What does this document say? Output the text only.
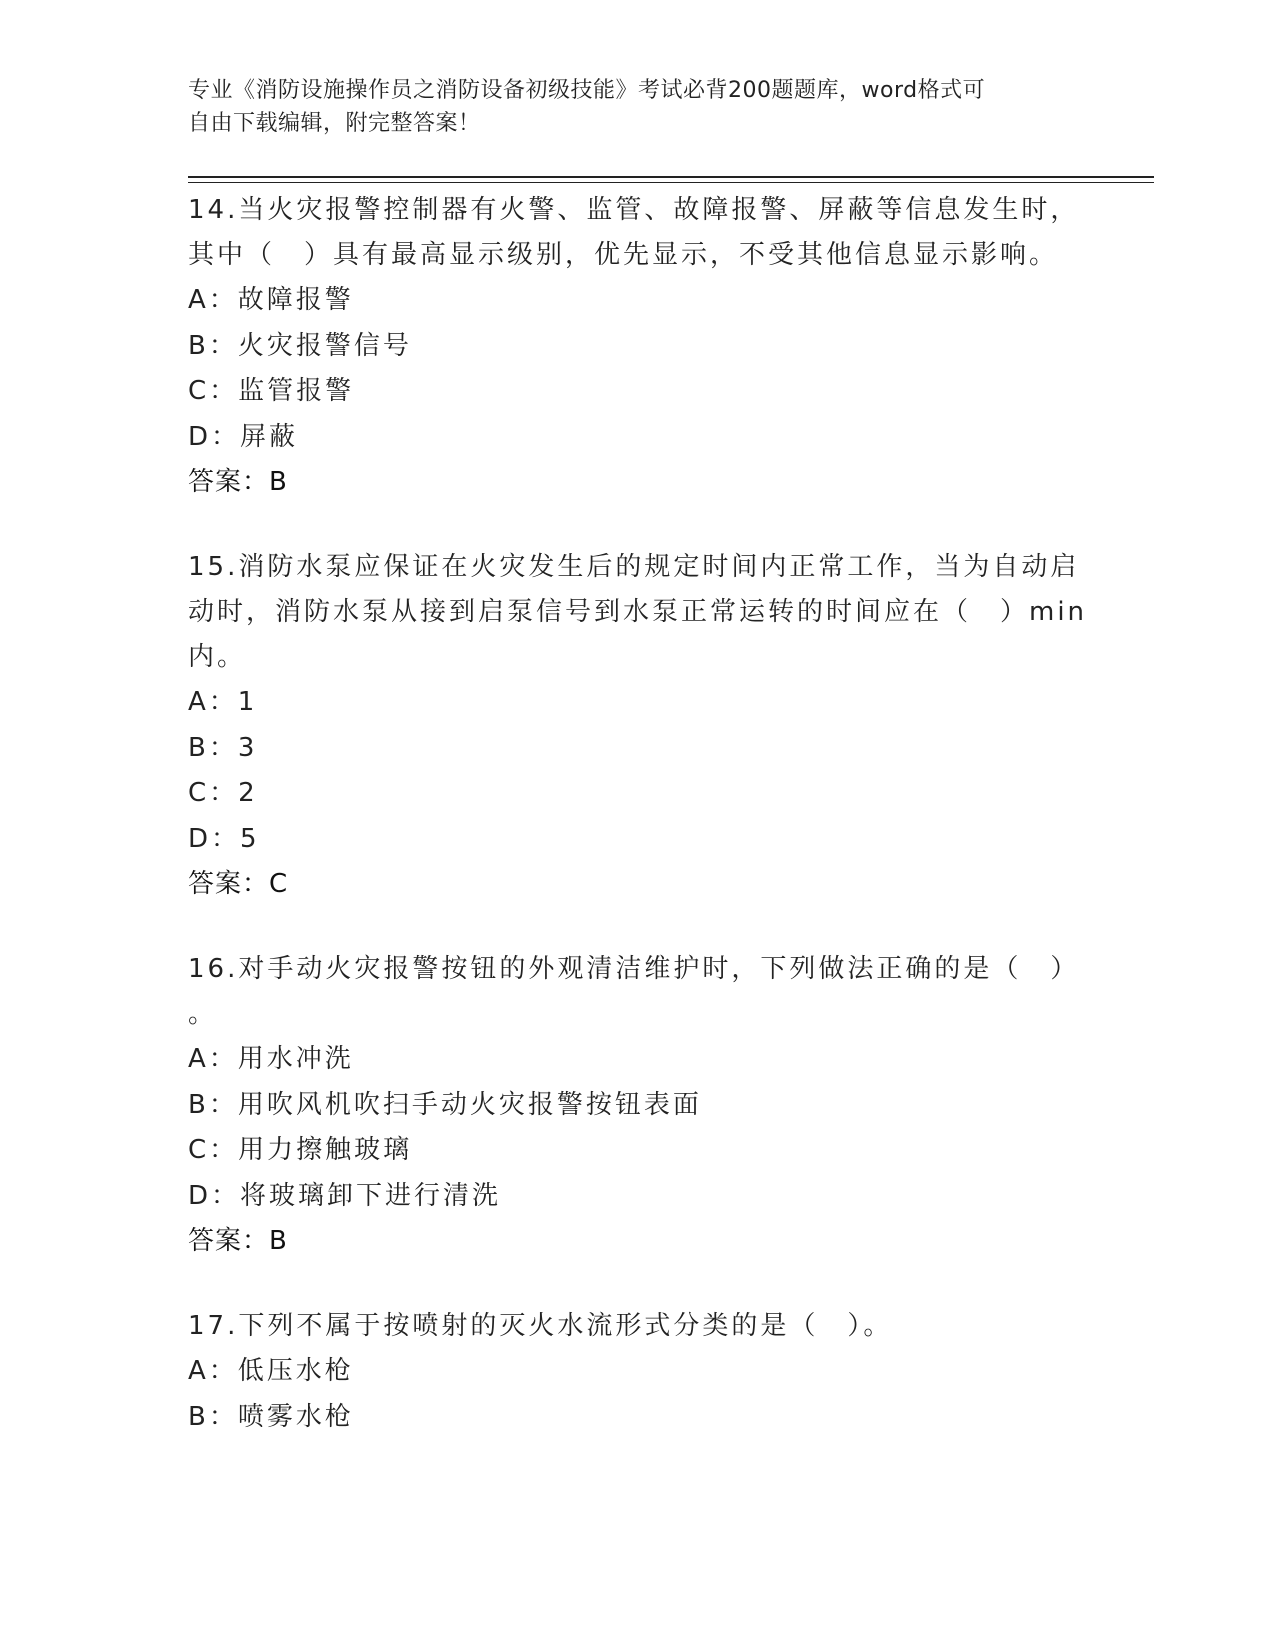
专业《消防设施操作员之消防设备初级技能》考试必背200题题库，word格式可
自由下载编辑，附完整答案！

14.当火灾报警控制器有火警、监管、故障报警、屏蔽等信息发生时，

其中（　）具有最高显示级别，优先显示，不受其他信息显示影响。

A：故障报警

B：火灾报警信号

C：监管报警

D：屏蔽

答案：B

15.消防水泵应保证在火灾发生后的规定时间内正常工作，当为自动启

动时，消防水泵从接到启泵信号到水泵正常运转的时间应在（　）min

内。

A：1

B：3

C：2

D：5

答案：C

16.对手动火灾报警按钮的外观清洁维护时，下列做法正确的是（　）

。

A：用水冲洗

B：用吹风机吹扫手动火灾报警按钮表面

C：用力擦触玻璃

D：将玻璃卸下进行清洗

答案：B

17.下列不属于按喷射的灭火水流形式分类的是（　）。

A：低压水枪

B：喷雾水枪
